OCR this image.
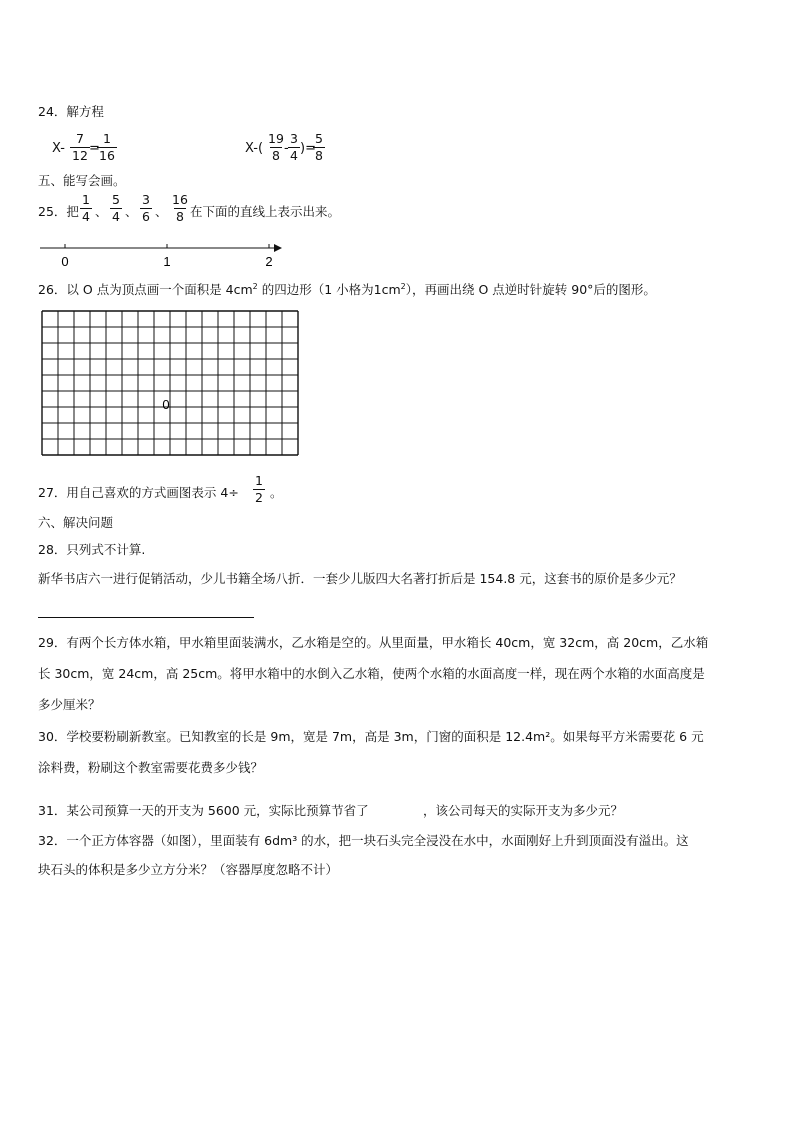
24．解方程
$X- \frac{7}{12}$ =
$\frac{1}{16}$	$X-( \frac{19}{8}$
- $\frac{3}{4}$ )=
$\frac{5}{8}$
五、能写会画。
25．把 $\frac{1}{4}$ 、 $\frac{5}{4}$ 、 $\frac{3}{6}$ 、 $\frac{16}{8}$ 在下面的直线上表示出来。
0	1	2
26．以 O 点为顶点画一个面积是 $4cm^2$ 的四边形（1 小格为$1cm^2$），再画出绕 O 点逆时针旋转 90°后的图形。
0
27．用自己喜欢的方式画图表示 $4\div \frac{1}{2}$ 。
六、解决问题
28．只列式不计算.
新华书店六一进行促销活动，少儿书籍全场八折．一套少儿版四大名著打折后是 154.8 元，这套书的原价是多少元？
29．有两个长方体水箱，甲水箱里面装满水，乙水箱是空的。从里面量，甲水箱长 40cm，宽 32cm，高 20cm，乙水箱
长 30cm，宽 24cm，高 25cm。将甲水箱中的水倒入乙水箱，使两个水箱的水面高度一样，现在两个水箱的水面高度是
多少厘米？
30．学校要粉刷新教室。已知教室的长是 9m，宽是 7m，高是 3m，门窗的面积是 12.4m²。如果每平方米需要花 6 元
涂料费，粉刷这个教室需要花费多少钱？
31．某公司预算一天的开支为 5600 元，实际比预算节省了	，该公司每天的实际开支为多少元？
32．一个正方体容器（如图），里面装有 6dm³ 的水，把一块石头完全浸没在水中，水面刚好上升到顶面没有溢出。这
块石头的体积是多少立方分米？（容器厚度忽略不计）
